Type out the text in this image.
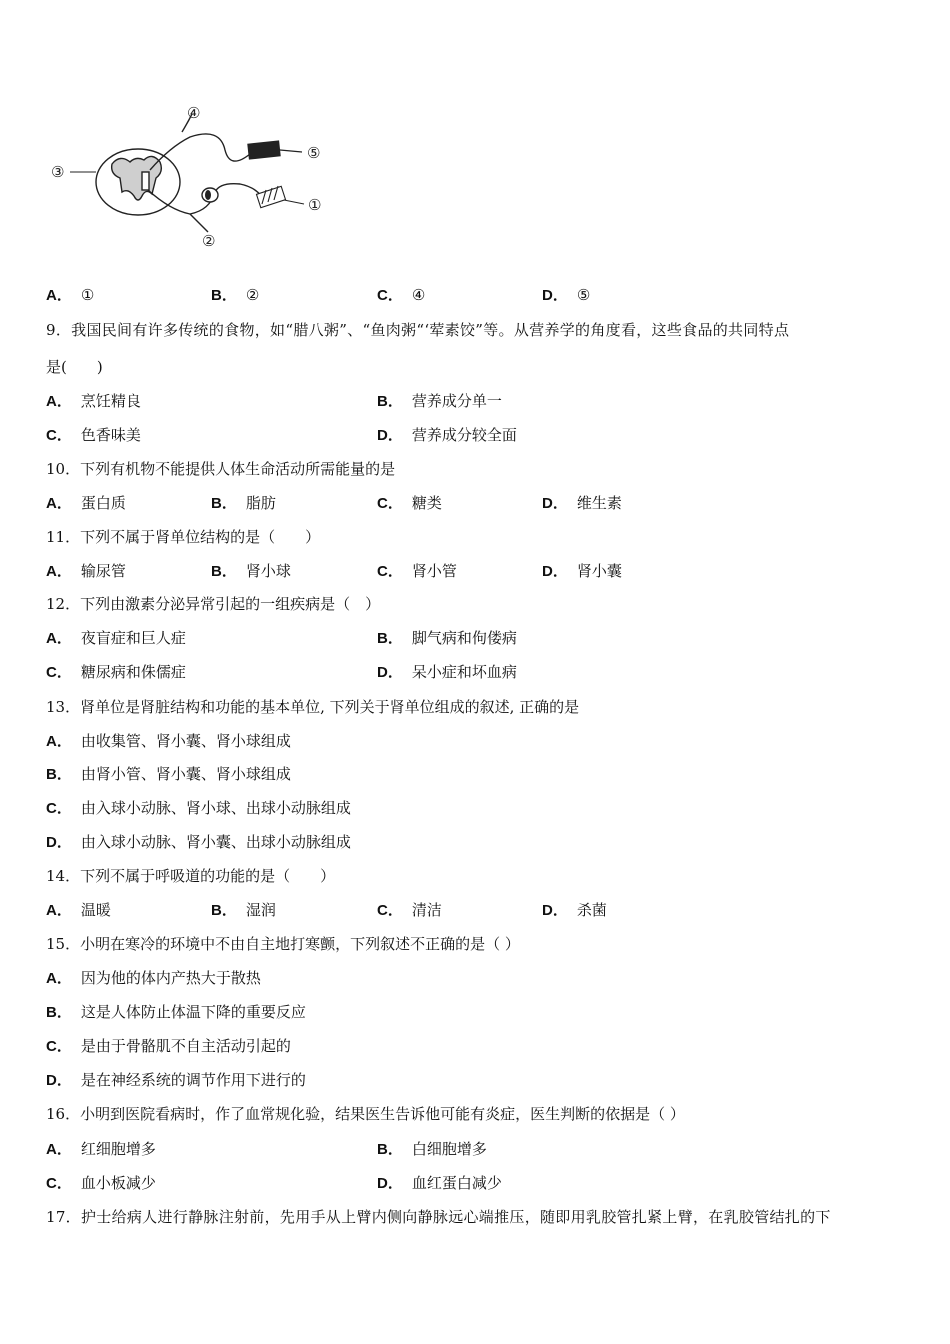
④
⑤
③
①
②
A． ①	B． ②	C． ④	D． ⑤
9．我国民间有许多传统的食物，如“腊八粥”、“鱼肉粥“‘荤素饺”等。从营养学的角度看，这些食品的共同特点
是(　　)
A． 烹饪精良	B． 营养成分单一
C． 色香味美	D． 营养成分较全面
10．下列有机物不能提供人体生命活动所需能量的是
A． 蛋白质	B． 脂肪	C． 糖类	D． 维生素
11．下列不属于肾单位结构的是（　　）
A． 输尿管	B． 肾小球	C． 肾小管	D． 肾小囊
12．下列由激素分泌异常引起的一组疾病是（　）
A． 夜盲症和巨人症	B． 脚气病和佝偻病
C． 糖尿病和侏儒症	D． 呆小症和坏血病
13．肾单位是肾脏结构和功能的基本单位, 下列关于肾单位组成的叙述, 正确的是
A． 由收集管、肾小囊、肾小球组成
B． 由肾小管、肾小囊、肾小球组成
C． 由入球小动脉、肾小球、出球小动脉组成
D． 由入球小动脉、肾小囊、出球小动脉组成
14．下列不属于呼吸道的功能的是（　　）
A． 温暖	B． 湿润	C． 清洁	D． 杀菌
15．小明在寒冷的环境中不由自主地打寒颤，下列叙述不正确的是（ ）
A． 因为他的体内产热大于散热
B． 这是人体防止体温下降的重要反应
C． 是由于骨骼肌不自主活动引起的
D． 是在神经系统的调节作用下进行的
16．小明到医院看病时，作了血常规化验，结果医生告诉他可能有炎症，医生判断的依据是（ ）
A． 红细胞增多	B． 白细胞增多
C． 血小板减少	D． 血红蛋白减少
17．护士给病人进行静脉注射前，先用手从上臂内侧向静脉远心端推压，随即用乳胶管扎紧上臂，在乳胶管结扎的下
